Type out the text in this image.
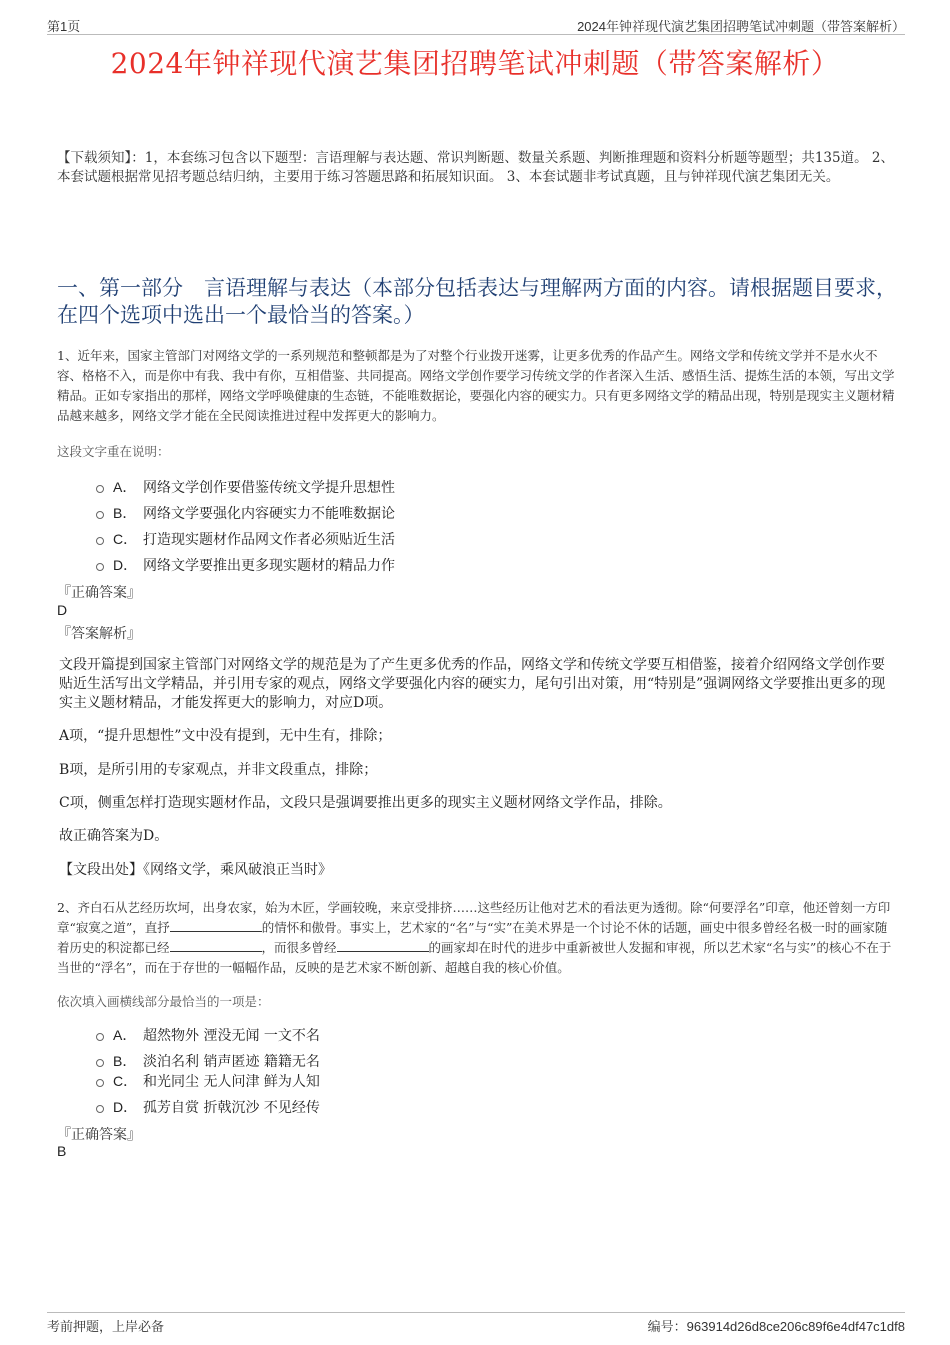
第1页	2024年钟祥现代演艺集团招聘笔试冲刺题（带答案解析）
2024年钟祥现代演艺集团招聘笔试冲刺题（带答案解析）
【下载须知】：1，本套练习包含以下题型：言语理解与表达题、常识判断题、数量关系题、判断推理题和资料分析题等题型；共135道。 2、本套试题根据常见招考题总结归纳，主要用于练习答题思路和拓展知识面。 3、本套试题非考试真题，且与钟祥现代演艺集团无关。
一、第一部分　言语理解与表达（本部分包括表达与理解两方面的内容。请根据题目要求，在四个选项中选出一个最恰当的答案。）
1、近年来，国家主管部门对网络文学的一系列规范和整顿都是为了对整个行业拨开迷雾，让更多优秀的作品产生。网络文学和传统文学并不是水火不容、格格不入，而是你中有我、我中有你，互相借鉴、共同提高。网络文学创作要学习传统文学的作者深入生活、感悟生活、提炼生活的本领，写出文学精品。正如专家指出的那样，网络文学呼唤健康的生态链，不能唯数据论，要强化内容的硬实力。只有更多网络文学的精品出现，特别是现实主义题材精品越来越多，网络文学才能在全民阅读推进过程中发挥更大的影响力。
这段文字重在说明：
A． 网络文学创作要借鉴传统文学提升思想性
B． 网络文学要强化内容硬实力不能唯数据论
C． 打造现实题材作品网文作者必须贴近生活
D． 网络文学要推出更多现实题材的精品力作
『正确答案』
D
『答案解析』
文段开篇提到国家主管部门对网络文学的规范是为了产生更多优秀的作品，网络文学和传统文学要互相借鉴，接着介绍网络文学创作要贴近生活写出文学精品，并引用专家的观点，网络文学要强化内容的硬实力，尾句引出对策，用“特别是”强调网络文学要推出更多的现实主义题材精品，才能发挥更大的影响力，对应D项。
A项，“提升思想性”文中没有提到，无中生有，排除；
B项，是所引用的专家观点，并非文段重点，排除；
C项，侧重怎样打造现实题材作品，文段只是强调要推出更多的现实主义题材网络文学作品，排除。
故正确答案为D。
【文段出处】《网络文学，乘风破浪正当时》
2、齐白石从艺经历坎坷，出身农家，始为木匠，学画较晚，来京受排挤……这些经历让他对艺术的看法更为透彻。除“何要浮名”印章，他还曾刻一方印章“寂寞之道”，直抒	的情怀和傲骨。事实上，艺术家的“名”与“实”在美术界是一个讨论不休的话题，画史中很多曾经名极一时的画家随着历史的积淀都已经	，而很多曾经	的画家却在时代的进步中重新被世人发掘和审视，所以艺术家“名与实”的核心不在于当世的“浮名”，而在于存世的一幅幅作品，反映的是艺术家不断创新、超越自我的核心价值。
依次填入画横线部分最恰当的一项是：
A． 超然物外 湮没无闻 一文不名
B． 淡泊名利 销声匿迹 籍籍无名
C． 和光同尘 无人问津 鲜为人知
D． 孤芳自赏 折戟沉沙 不见经传
『正确答案』
B
考前押题，上岸必备	编号：963914d26d8ce206c89f6e4df47c1df8
